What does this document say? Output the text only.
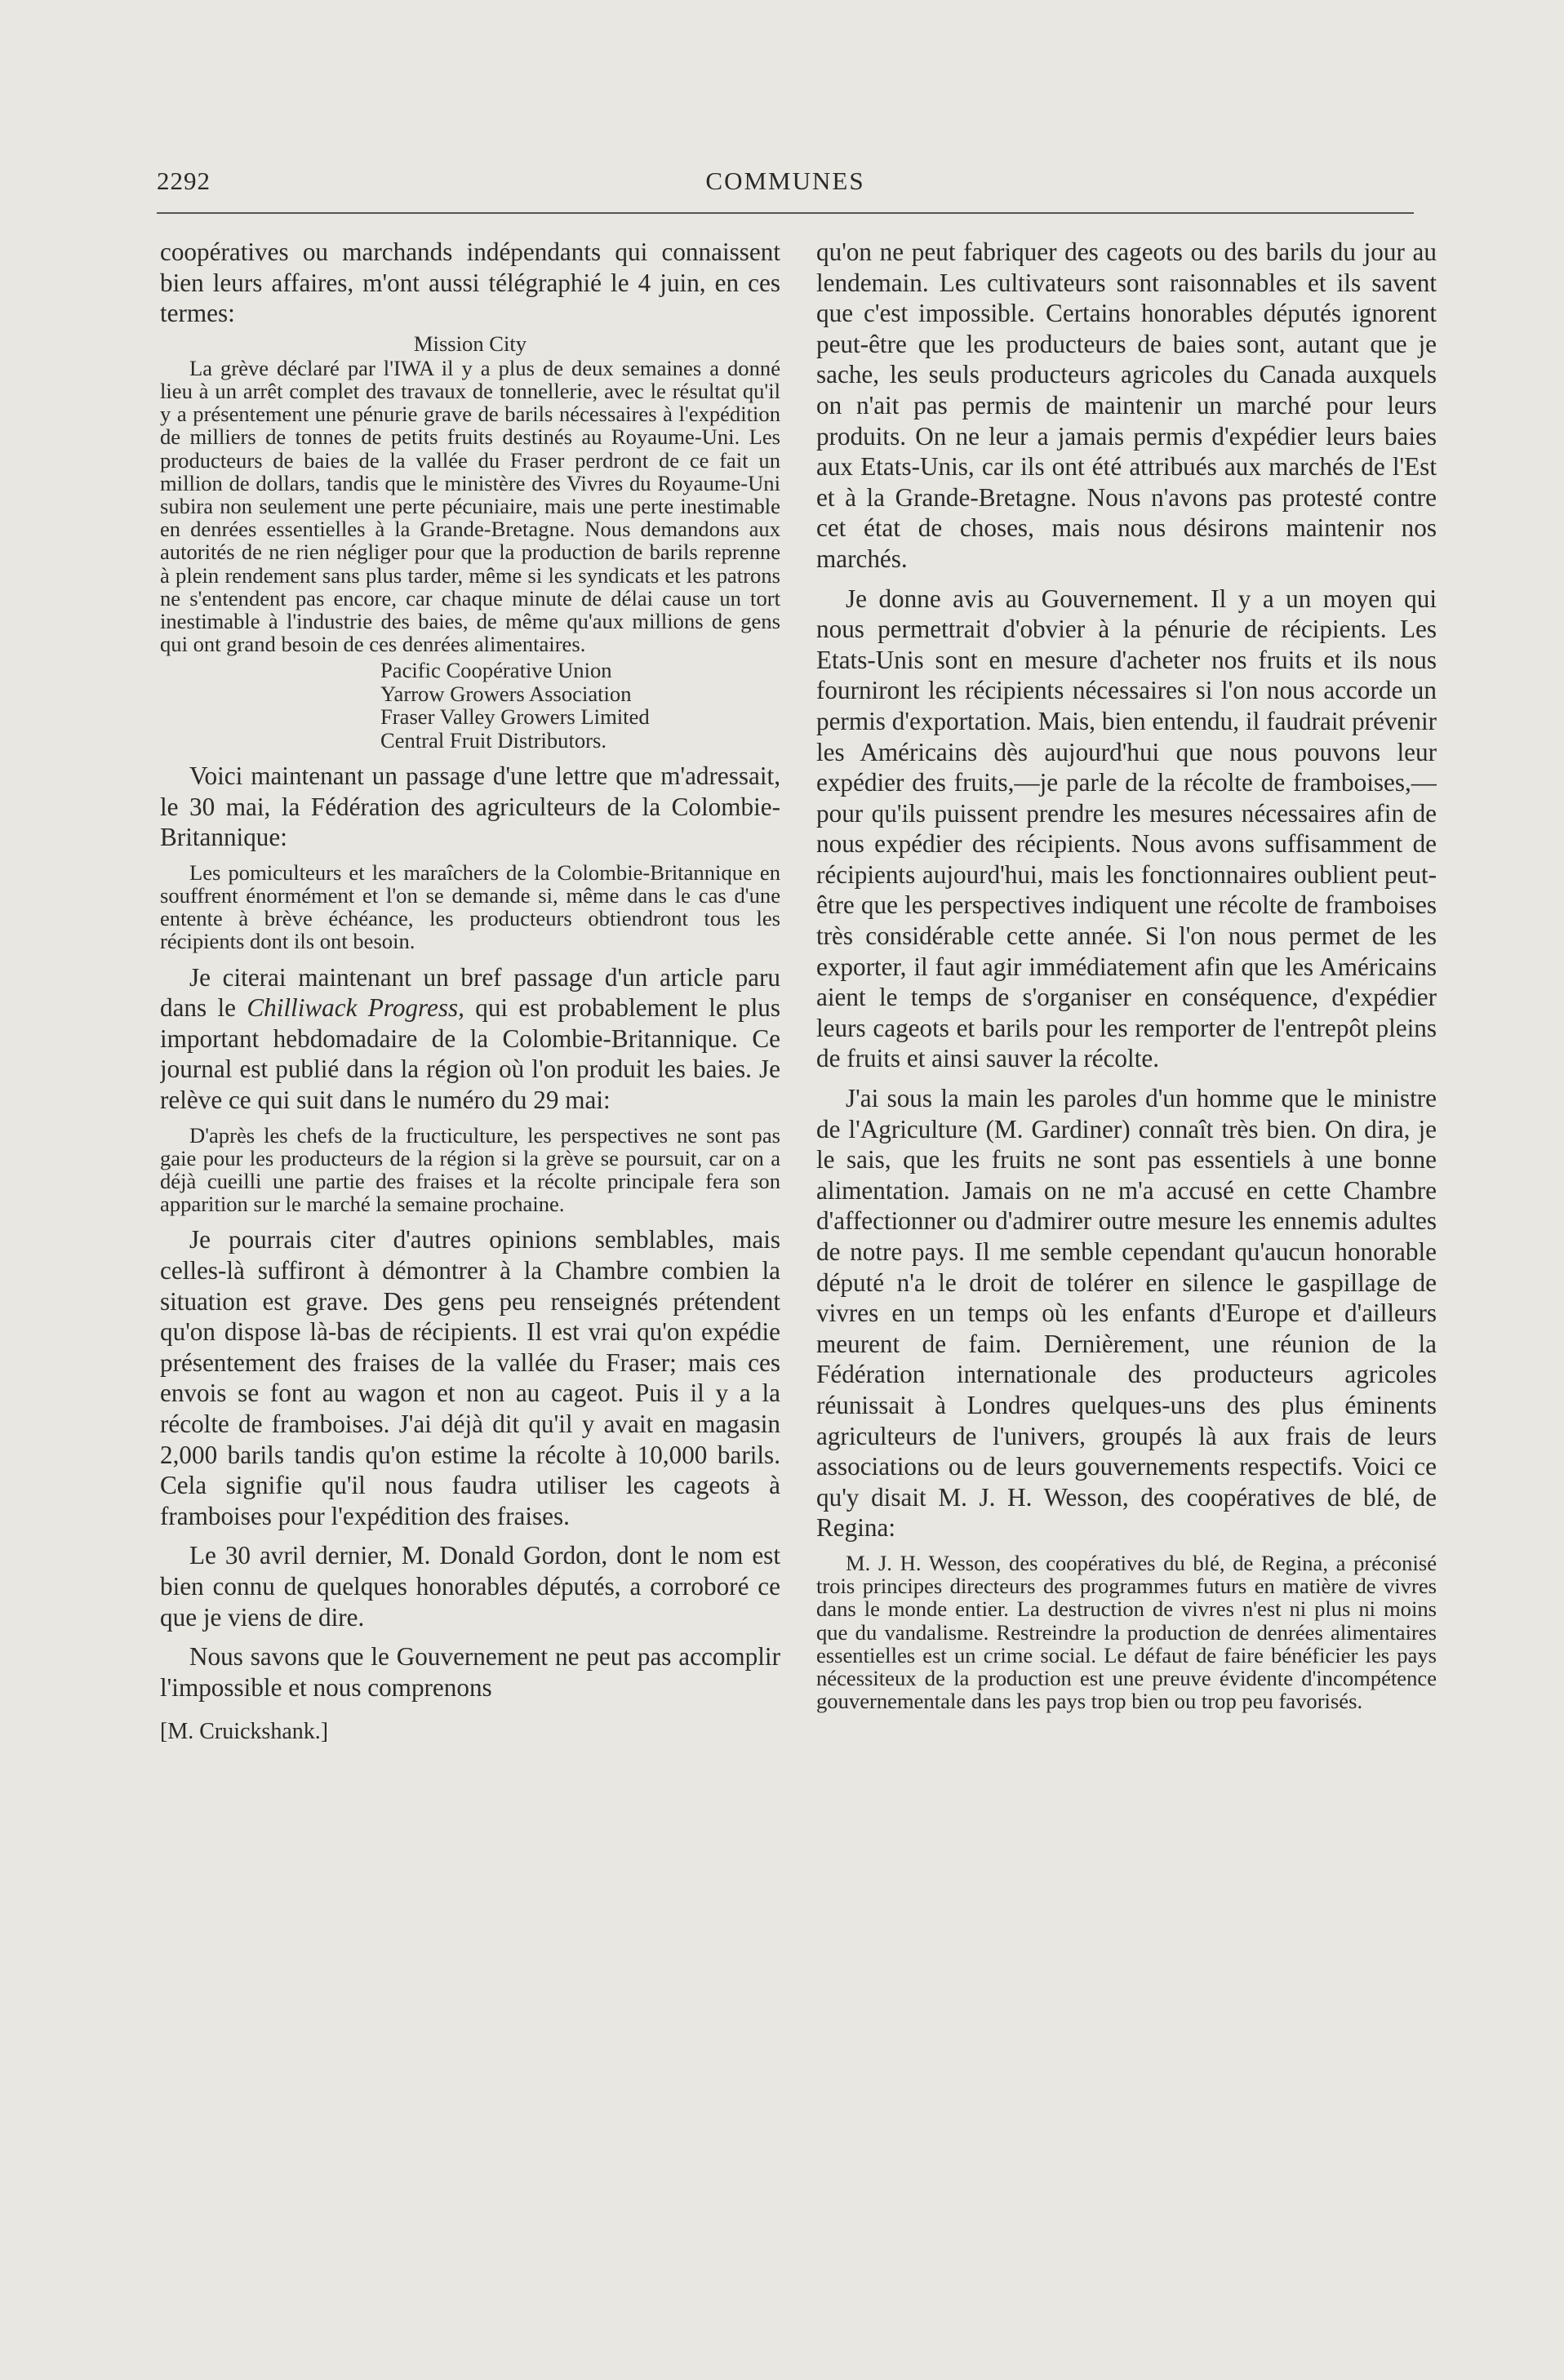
COMMUNES
2292

coopératives ou marchands indépendants qui connaissent bien leurs affaires, m'ont aussi télégraphié le 4 juin, en ces termes:

Mission City

La grève déclaré par l'IWA il y a plus de deux semaines a donné lieu à un arrêt complet des travaux de tonnellerie, avec le résultat qu'il y a présentement une pénurie grave de barils nécessaires à l'expédition de milliers de tonnes de petits fruits destinés au Royaume-Uni. Les producteurs de baies de la vallée du Fraser perdront de ce fait un million de dollars, tandis que le ministère des Vivres du Royaume-Uni subira non seulement une perte pécuniaire, mais une perte inestimable en denrées essentielles à la Grande-Bretagne. Nous demandons aux autorités de ne rien négliger pour que la production de barils reprenne à plein rendement sans plus tarder, même si les syndicats et les patrons ne s'entendent pas encore, car chaque minute de délai cause un tort inestimable à l'industrie des baies, de même qu'aux millions de gens qui ont grand besoin de ces denrées alimentaires.

Pacific Coopérative Union
Yarrow Growers Association
Fraser Valley Growers Limited
Central Fruit Distributors.

Voici maintenant un passage d'une lettre que m'adressait, le 30 mai, la Fédération des agriculteurs de la Colombie-Britannique:

Les pomiculteurs et les maraîchers de la Colombie-Britannique en souffrent énormément et l'on se demande si, même dans le cas d'une entente à brève échéance, les producteurs obtiendront tous les récipients dont ils ont besoin.

Je citerai maintenant un bref passage d'un article paru dans le Chilliwack Progress, qui est probablement le plus important hebdomadaire de la Colombie-Britannique. Ce journal est publié dans la région où l'on produit les baies. Je relève ce qui suit dans le numéro du 29 mai:

D'après les chefs de la fructiculture, les perspectives ne sont pas gaie pour les producteurs de la région si la grève se poursuit, car on a déjà cueilli une partie des fraises et la récolte principale fera son apparition sur le marché la semaine prochaine.

Je pourrais citer d'autres opinions semblables, mais celles-là suffiront à démontrer à la Chambre combien la situation est grave. Des gens peu renseignés prétendent qu'on dispose là-bas de récipients. Il est vrai qu'on expédie présentement des fraises de la vallée du Fraser; mais ces envois se font au wagon et non au cageot. Puis il y a la récolte de framboises. J'ai déjà dit qu'il y avait en magasin 2,000 barils tandis qu'on estime la récolte à 10,000 barils. Cela signifie qu'il nous faudra utiliser les cageots à framboises pour l'expédition des fraises.

Le 30 avril dernier, M. Donald Gordon, dont le nom est bien connu de quelques honorables députés, a corroboré ce que je viens de dire.

Nous savons que le Gouvernement ne peut pas accomplir l'impossible et nous comprenons

[M. Cruickshank.]

qu'on ne peut fabriquer des cageots ou des barils du jour au lendemain. Les cultivateurs sont raisonnables et ils savent que c'est impossible. Certains honorables députés ignorent peut-être que les producteurs de baies sont, autant que je sache, les seuls producteurs agricoles du Canada auxquels on n'ait pas permis de maintenir un marché pour leurs produits. On ne leur a jamais permis d'expédier leurs baies aux Etats-Unis, car ils ont été attribués aux marchés de l'Est et à la Grande-Bretagne. Nous n'avons pas protesté contre cet état de choses, mais nous désirons maintenir nos marchés.

Je donne avis au Gouvernement. Il y a un moyen qui nous permettrait d'obvier à la pénurie de récipients. Les Etats-Unis sont en mesure d'acheter nos fruits et ils nous fourniront les récipients nécessaires si l'on nous accorde un permis d'exportation. Mais, bien entendu, il faudrait prévenir les Américains dès aujourd'hui que nous pouvons leur expédier des fruits,—je parle de la récolte de framboises,—pour qu'ils puissent prendre les mesures nécessaires afin de nous expédier des récipients. Nous avons suffisamment de récipients aujourd'hui, mais les fonctionnaires oublient peut-être que les perspectives indiquent une récolte de framboises très considérable cette année. Si l'on nous permet de les exporter, il faut agir immédiatement afin que les Américains aient le temps de s'organiser en conséquence, d'expédier leurs cageots et barils pour les remporter de l'entrepôt pleins de fruits et ainsi sauver la récolte.

J'ai sous la main les paroles d'un homme que le ministre de l'Agriculture (M. Gardiner) connaît très bien. On dira, je le sais, que les fruits ne sont pas essentiels à une bonne alimentation. Jamais on ne m'a accusé en cette Chambre d'affectionner ou d'admirer outre mesure les ennemis adultes de notre pays. Il me semble cependant qu'aucun honorable député n'a le droit de tolérer en silence le gaspillage de vivres en un temps où les enfants d'Europe et d'ailleurs meurent de faim. Dernièrement, une réunion de la Fédération internationale des producteurs agricoles réunissait à Londres quelques-uns des plus éminents agriculteurs de l'univers, groupés là aux frais de leurs associations ou de leurs gouvernements respectifs. Voici ce qu'y disait M. J. H. Wesson, des coopératives de blé, de Regina:

M. J. H. Wesson, des coopératives du blé, de Regina, a préconisé trois principes directeurs des programmes futurs en matière de vivres dans le monde entier. La destruction de vivres n'est ni plus ni moins que du vandalisme. Restreindre la production de denrées alimentaires essentielles est un crime social. Le défaut de faire bénéficier les pays nécessiteux de la production est une preuve évidente d'incompétence gouvernementale dans les pays trop bien ou trop peu favorisés.
